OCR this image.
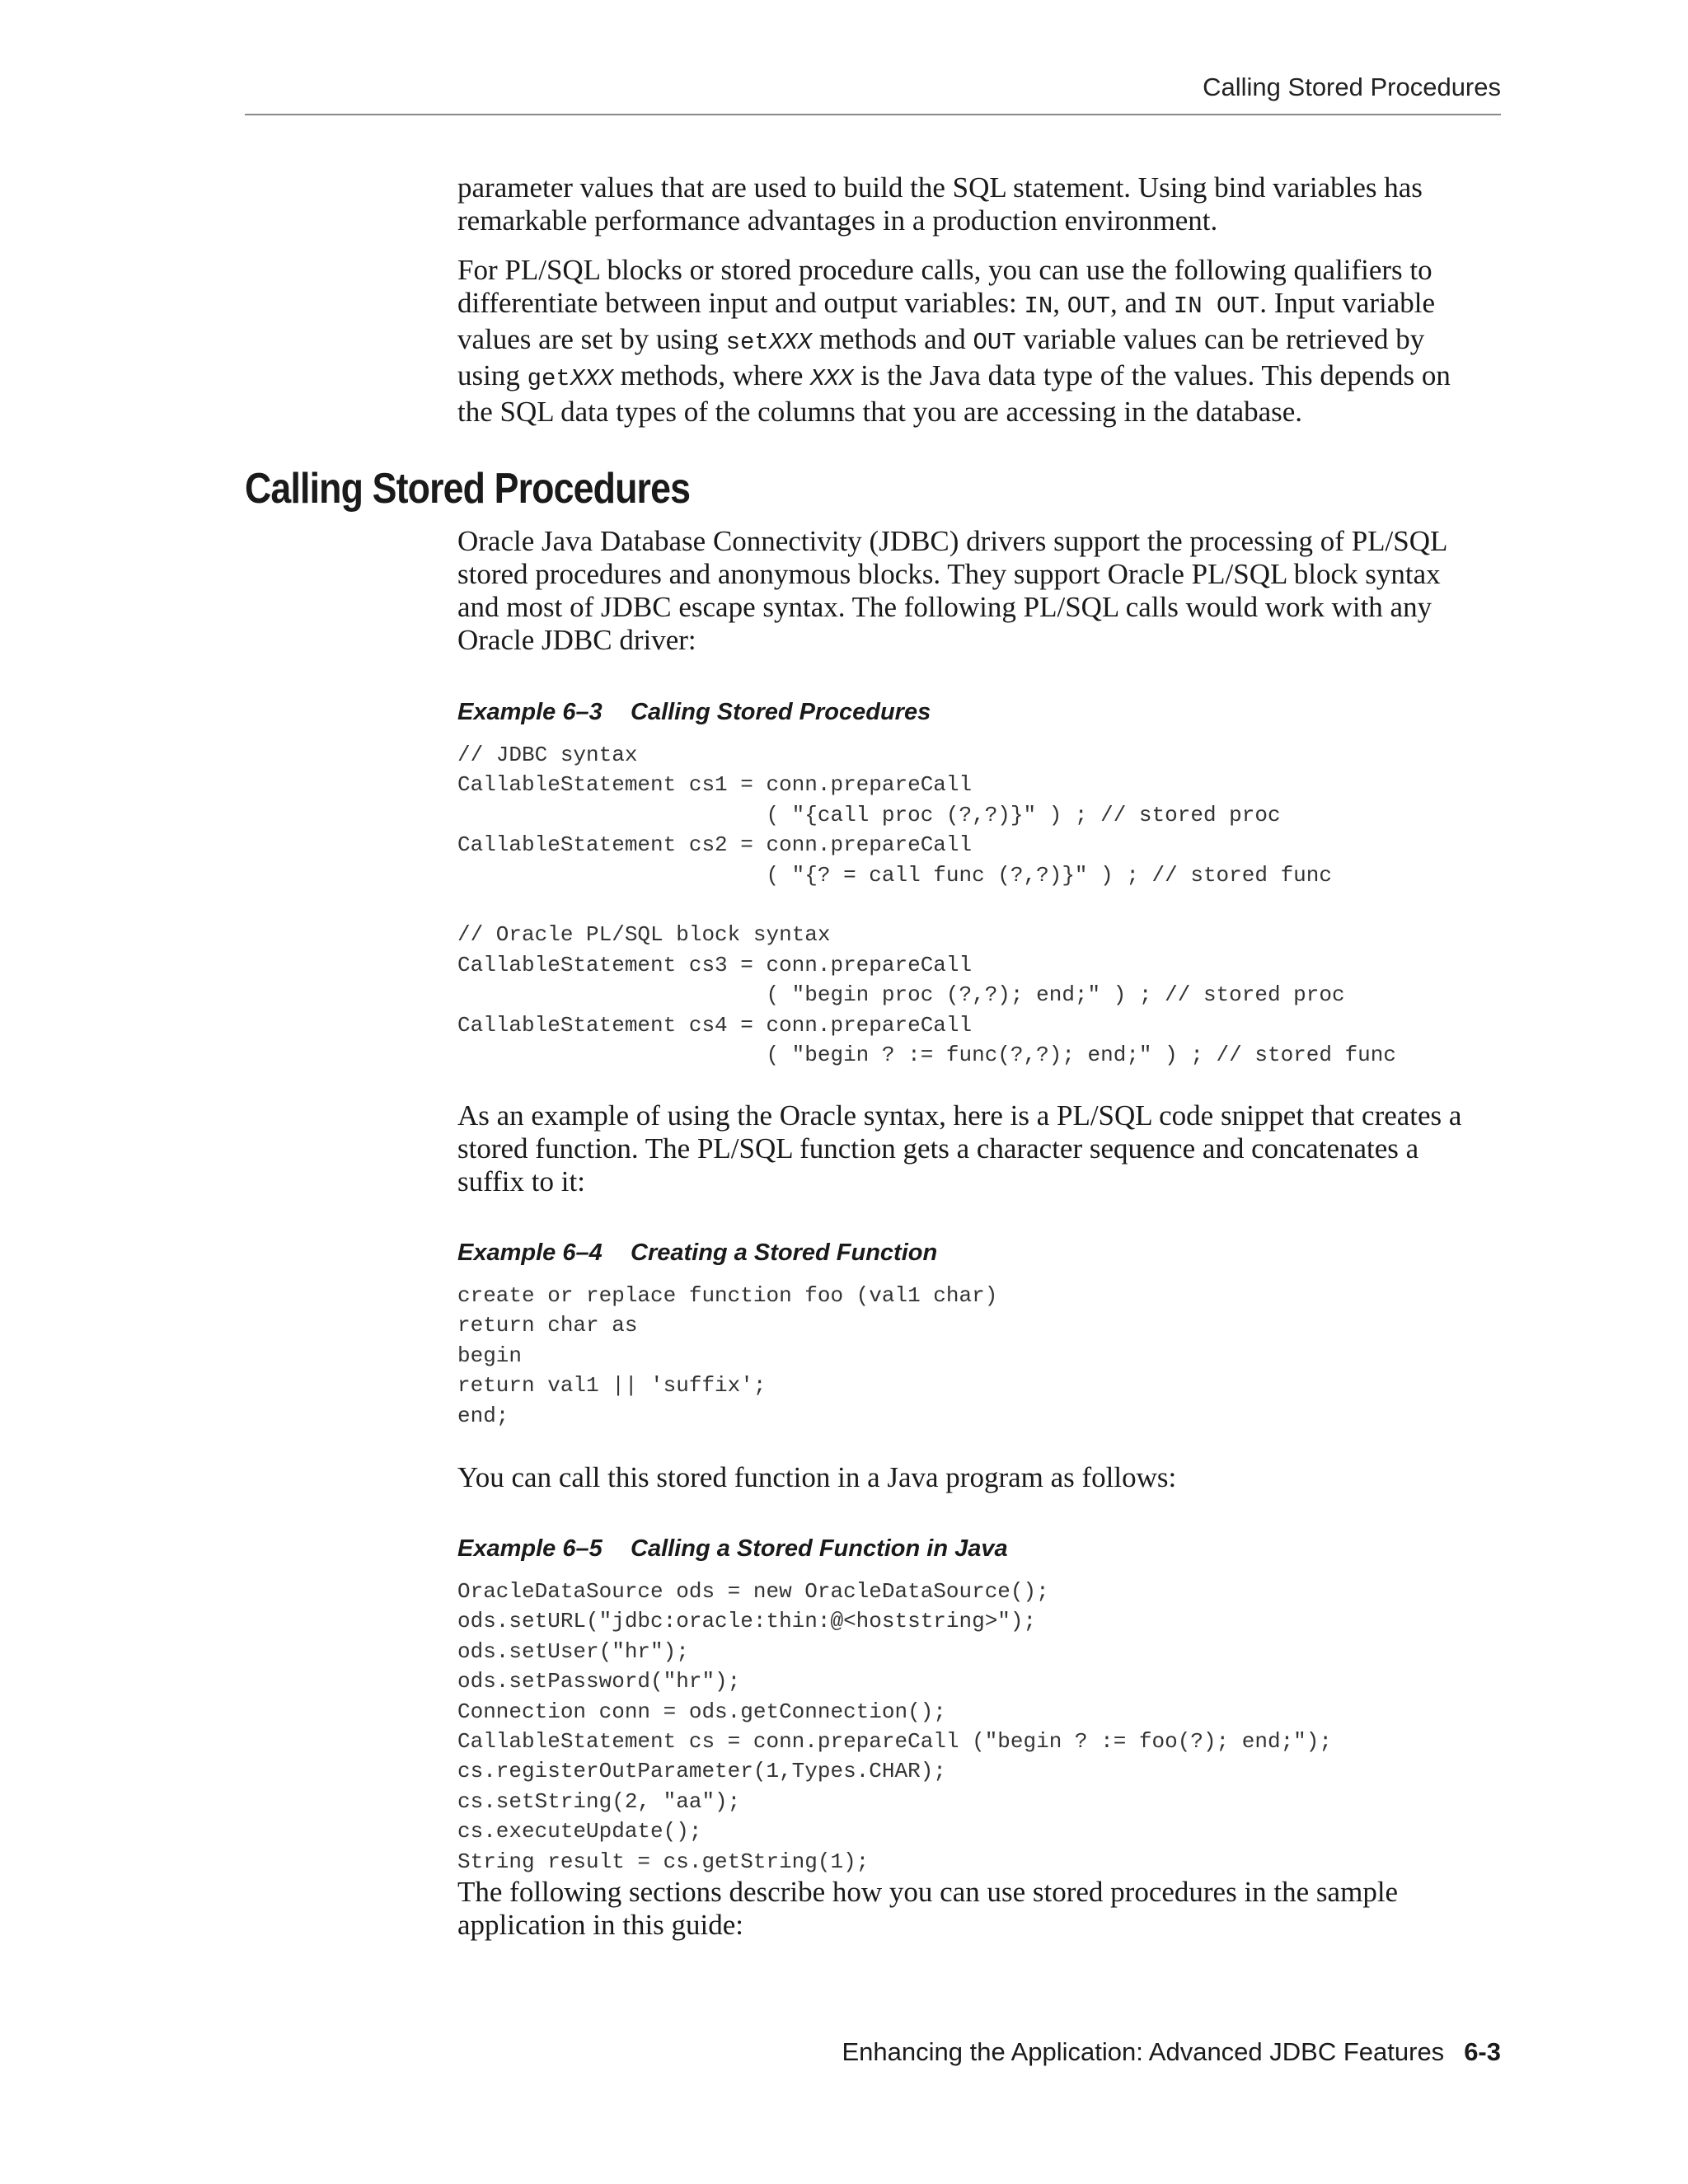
Calling Stored Procedures
parameter values that are used to build the SQL statement. Using bind variables has
remarkable performance advantages in a production environment.
For PL/SQL blocks or stored procedure calls, you can use the following qualifiers to
differentiate between input and output variables: IN, OUT, and IN OUT. Input variable
values are set by using setXXX methods and OUT variable values can be retrieved by
using getXXX methods, where XXX is the Java data type of the values. This depends on
the SQL data types of the columns that you are accessing in the database.
Calling Stored Procedures
Oracle Java Database Connectivity (JDBC) drivers support the processing of PL/SQL
stored procedures and anonymous blocks. They support Oracle PL/SQL block syntax
and most of JDBC escape syntax. The following PL/SQL calls would work with any
Oracle JDBC driver:
Example 6–3 Calling Stored Procedures
// JDBC syntax
CallableStatement cs1 = conn.prepareCall
( "{call proc (?,?)}" ) ; // stored proc
CallableStatement cs2 = conn.prepareCall
( "{? = call func (?,?)}" ) ; // stored func

// Oracle PL/SQL block syntax
CallableStatement cs3 = conn.prepareCall
( "begin proc (?,?); end;" ) ; // stored proc
CallableStatement cs4 = conn.prepareCall
( "begin ? := func(?,?); end;" ) ; // stored func
As an example of using the Oracle syntax, here is a PL/SQL code snippet that creates a
stored function. The PL/SQL function gets a character sequence and concatenates a
suffix to it:
Example 6–4 Creating a Stored Function
create or replace function foo (val1 char)
return char as
begin
return val1 || 'suffix';
end;
You can call this stored function in a Java program as follows:
Example 6–5 Calling a Stored Function in Java
OracleDataSource ods = new OracleDataSource();
ods.setURL("jdbc:oracle:thin:@<hoststring>");
ods.setUser("hr");
ods.setPassword("hr");
Connection conn = ods.getConnection();
CallableStatement cs = conn.prepareCall ("begin ? := foo(?); end;");
cs.registerOutParameter(1,Types.CHAR);
cs.setString(2, "aa");
cs.executeUpdate();
String result = cs.getString(1);
The following sections describe how you can use stored procedures in the sample
application in this guide:
Enhancing the Application: Advanced JDBC Features 6-3
